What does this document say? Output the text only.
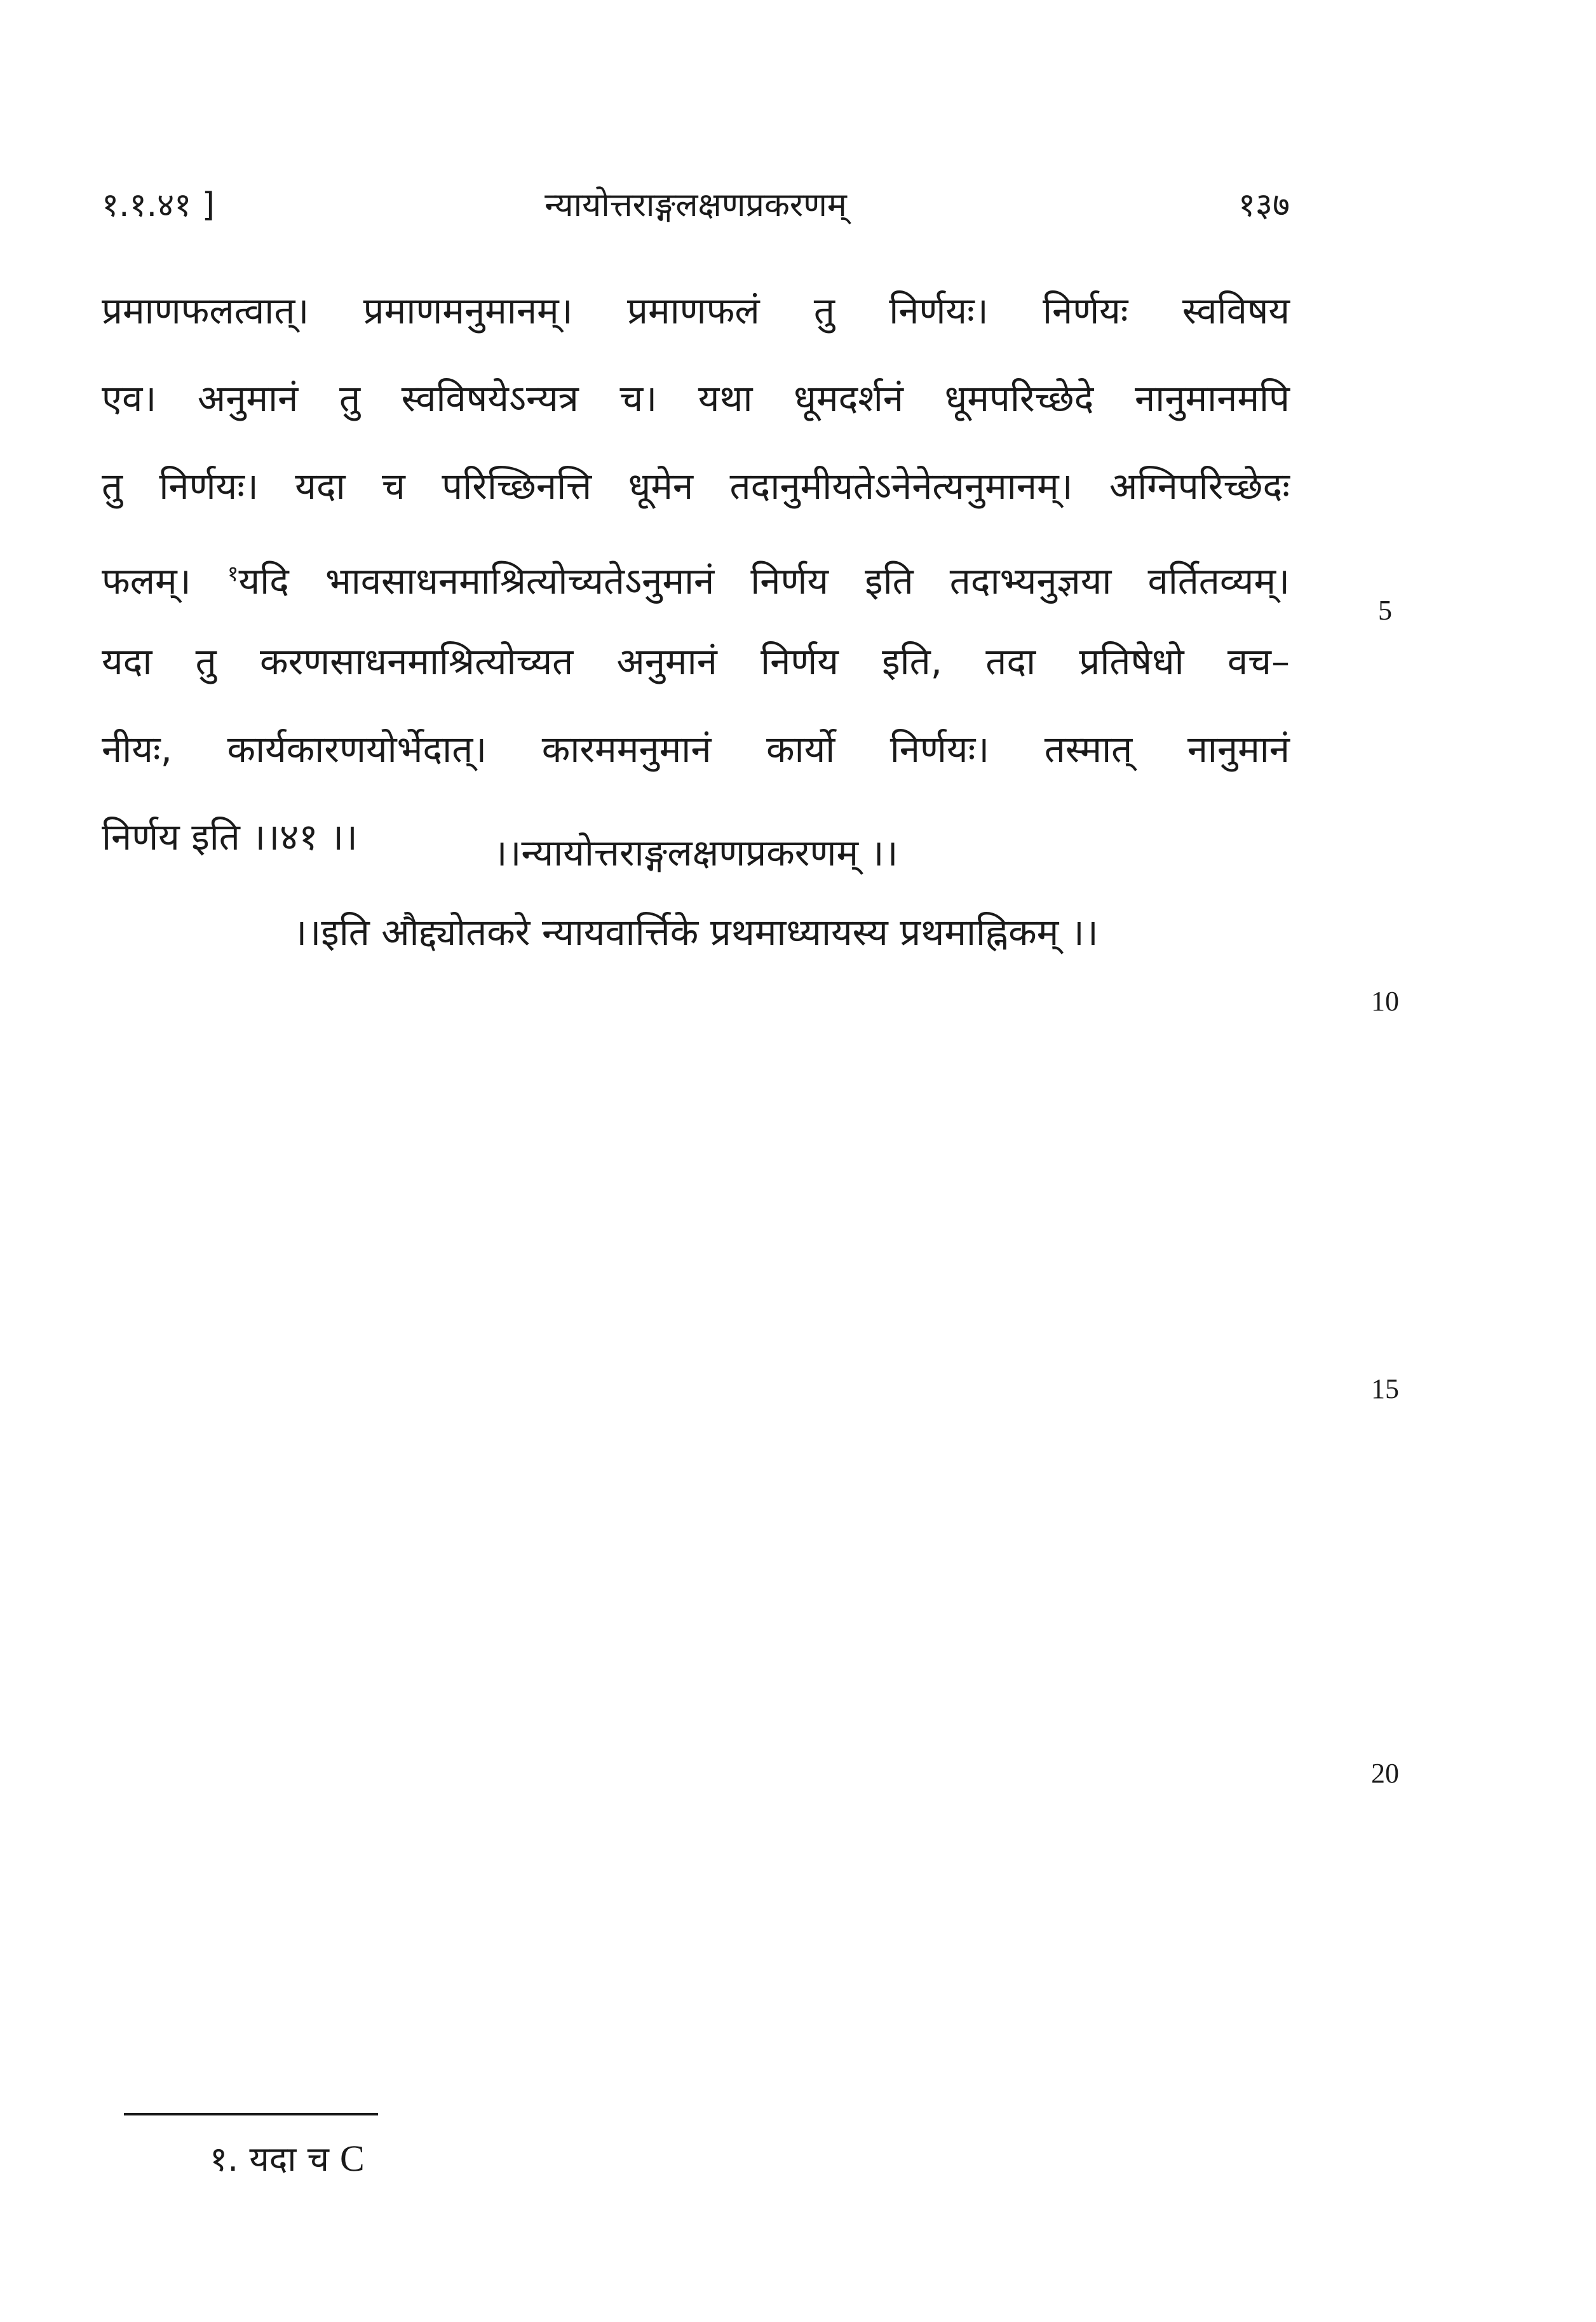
१.१.४१ ]	न्यायोत्तराङ्गलक्षणप्रकरणम्	१३७
प्रमाणफलत्वात्। प्रमाणमनुमानम्। प्रमाणफलं तु निर्णयः। निर्णयः स्वविषय
एव। अनुमानं तु स्वविषयेऽन्यत्र च। यथा धूमदर्शनं धूमपरिच्छेदे नानुमानमपि
तु निर्णयः। यदा च परिच्छिनत्ति धूमेन तदानुमीयतेऽनेनेत्यनुमानम्। अग्निपरिच्छेदः
फलम्। $^१$यदि भावसाधनमाश्रित्योच्यतेऽनुमानं निर्णय इति तदाभ्यनुज्ञया वर्तितव्यम्।
यदा तु करणसाधनमाश्रित्योच्यत अनुमानं निर्णय इति, तदा प्रतिषेधो वच–
नीयः, कार्यकारणयोर्भेदात्। कारममनुमानं कार्यो निर्णयः। तस्मात् नानुमानं
निर्णय इति ।।४१ ।।	।।न्यायोत्तराङ्गलक्षणप्रकरणम् ।।
।।इति औद्द्योतकरे न्यायवार्त्तिके प्रथमाध्यायस्य प्रथमाह्निकम् ।।
5
10
15
20
१. यदा च C
